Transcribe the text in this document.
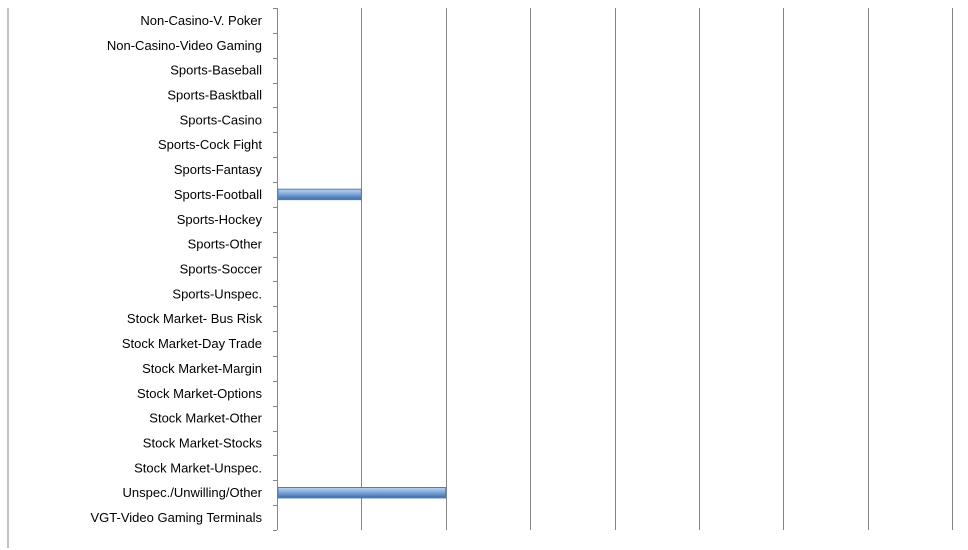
Non-Casino-V. Poker
Non-Casino-Video Gaming
Sports-Baseball
Sports-Basktball
Sports-Casino
Sports-Cock Fight
Sports-Fantasy
Sports-Football
Sports-Hockey
Sports-Other
Sports-Soccer
Sports-Unspec.
Stock Market- Bus Risk
Stock Market-Day Trade
Stock Market-Margin
Stock Market-Options
Stock Market-Other
Stock Market-Stocks
Stock Market-Unspec.
Unspec./Unwilling/Other
VGT-Video Gaming Terminals
